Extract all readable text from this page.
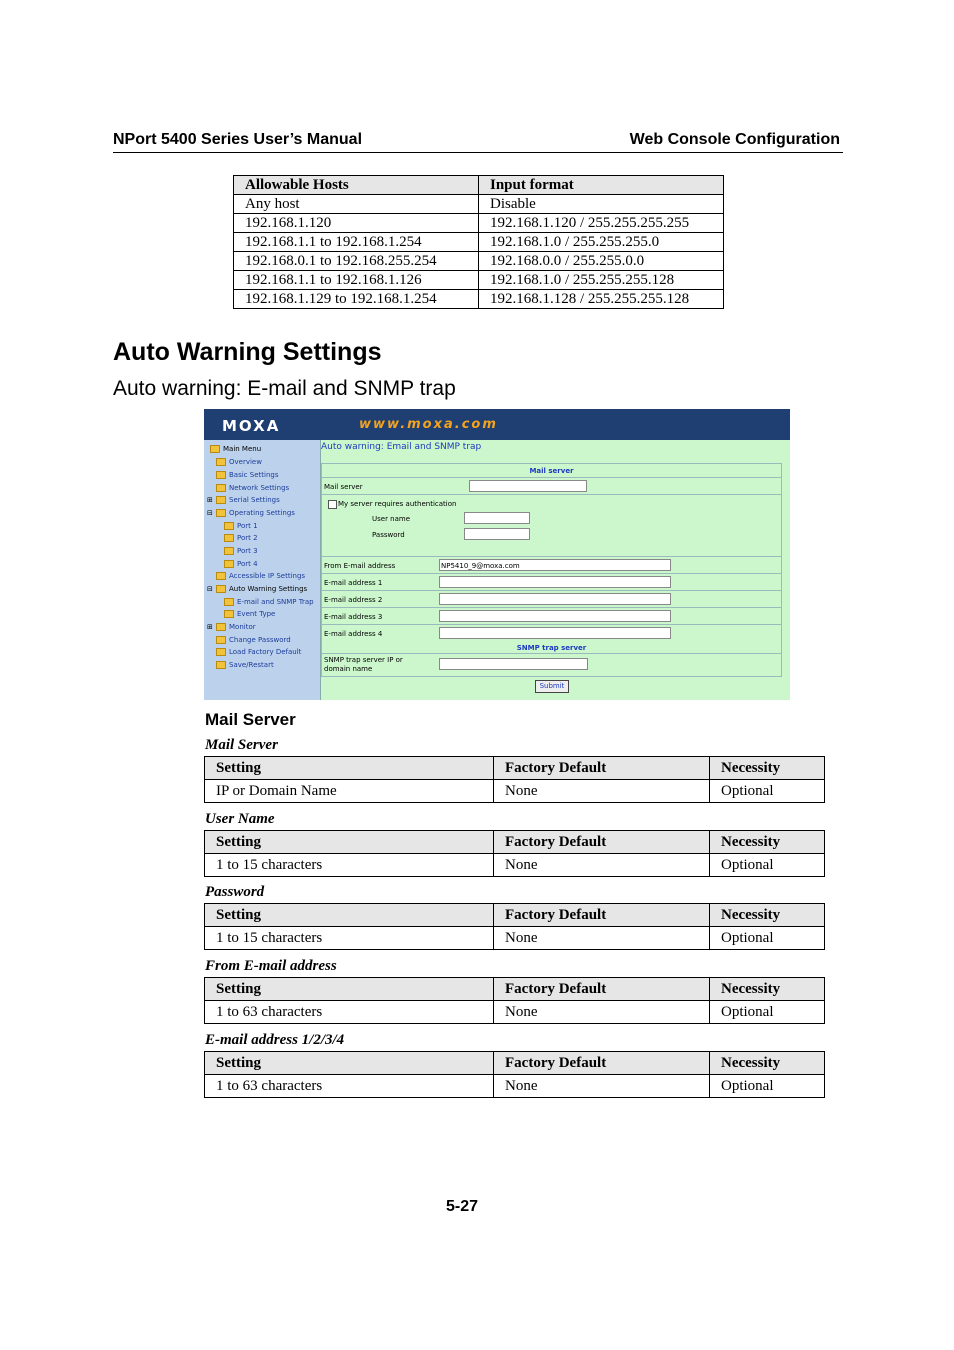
NPort 5400 Series User’s Manual	Web Console Configuration
Allowable Hosts	Input format
Any host	Disable
192.168.1.120	192.168.1.120 / 255.255.255.255
192.168.1.1 to 192.168.1.254	192.168.1.0 / 255.255.255.0
192.168.0.1 to 192.168.255.254	192.168.0.0 / 255.255.0.0
192.168.1.1 to 192.168.1.126	192.168.1.0 / 255.255.255.128
192.168.1.129 to 192.168.1.254	192.168.1.128 / 255.255.255.128
Auto Warning Settings
Auto warning: E-mail and SNMP trap
MOXA	www.moxa.com
Main Menu
Overview
Basic Settings
Network Settings
⊞	Serial Settings
⊟	Operating Settings
Port 1
Port 2
Port 3
Port 4
Accessible IP Settings
⊟	Auto Warning Settings
E-mail and SNMP Trap
Event Type
⊞	Monitor
Change Password
Load Factory Default
Save/Restart
Auto warning: Email and SNMP trap
Mail server
Mail server
My server requires authentication
User name
Password
From E-mail address	NP5410_9@moxa.com
E-mail address 1
E-mail address 2
E-mail address 3
E-mail address 4
SNMP trap server
SNMP trap server IP or
domain name
Submit
Mail Server
Mail Server
Setting	Factory Default	Necessity
IP or Domain Name	None	Optional
User Name
Setting	Factory Default	Necessity
1 to 15 characters	None	Optional
Password
Setting	Factory Default	Necessity
1 to 15 characters	None	Optional
From E-mail address
Setting	Factory Default	Necessity
1 to 63 characters	None	Optional
E-mail address 1/2/3/4
Setting	Factory Default	Necessity
1 to 63 characters	None	Optional
5-27
